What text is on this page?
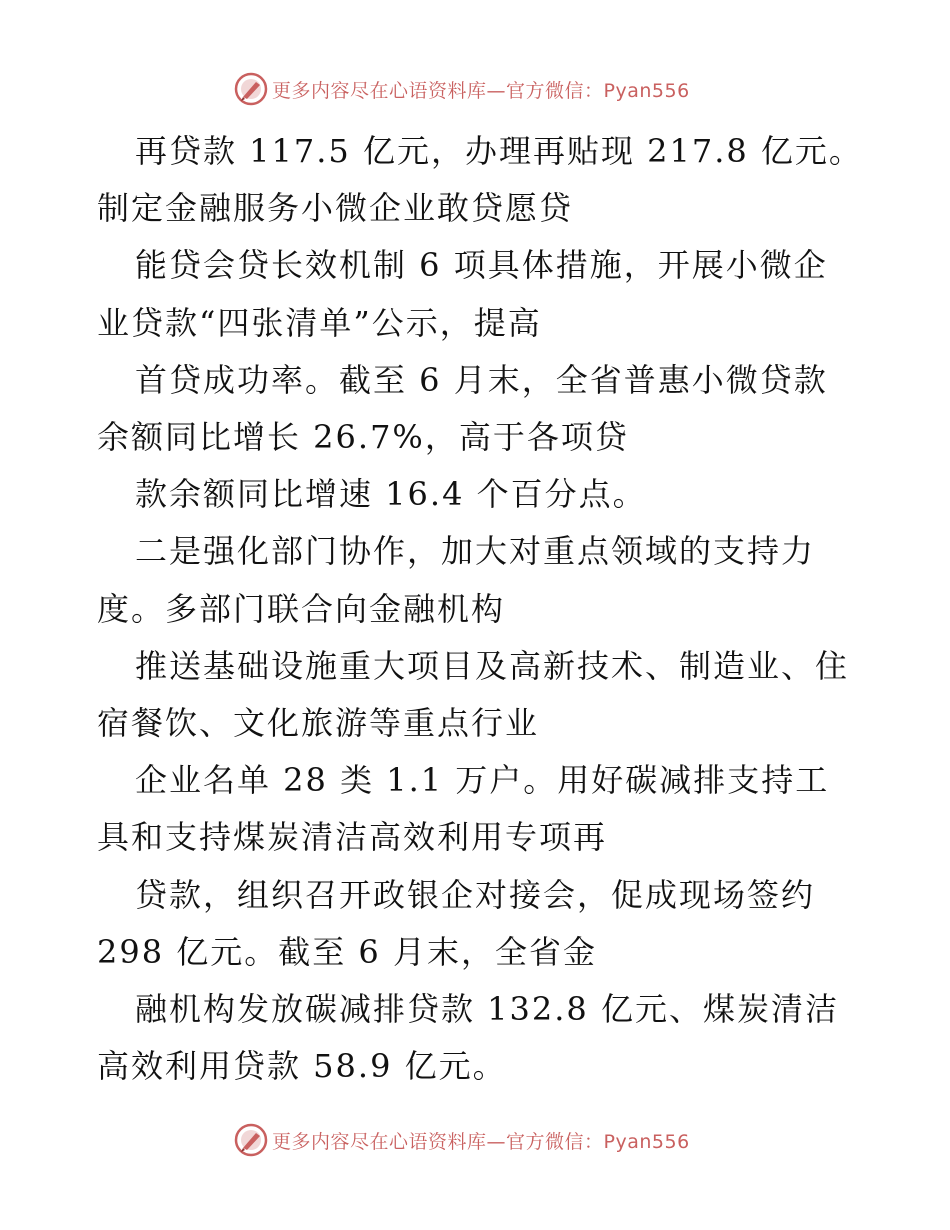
更多内容尽在心语资料库—官方微信：Pyan556
再贷款 117.5 亿元，办理再贴现 217.8 亿元。
制定金融服务小微企业敢贷愿贷
能贷会贷长效机制 6 项具体措施，开展小微企
业贷款“四张清单”公示，提高
首贷成功率。截至 6 月末，全省普惠小微贷款
余额同比增长 26.7%，高于各项贷
款余额同比增速 16.4 个百分点。
二是强化部门协作，加大对重点领域的支持力
度。多部门联合向金融机构
推送基础设施重大项目及高新技术、制造业、住
宿餐饮、文化旅游等重点行业
企业名单 28 类 1.1 万户。用好碳减排支持工
具和支持煤炭清洁高效利用专项再
贷款，组织召开政银企对接会，促成现场签约
298 亿元。截至 6 月末，全省金
融机构发放碳减排贷款 132.8 亿元、煤炭清洁
高效利用贷款 58.9 亿元。
更多内容尽在心语资料库—官方微信：Pyan556
